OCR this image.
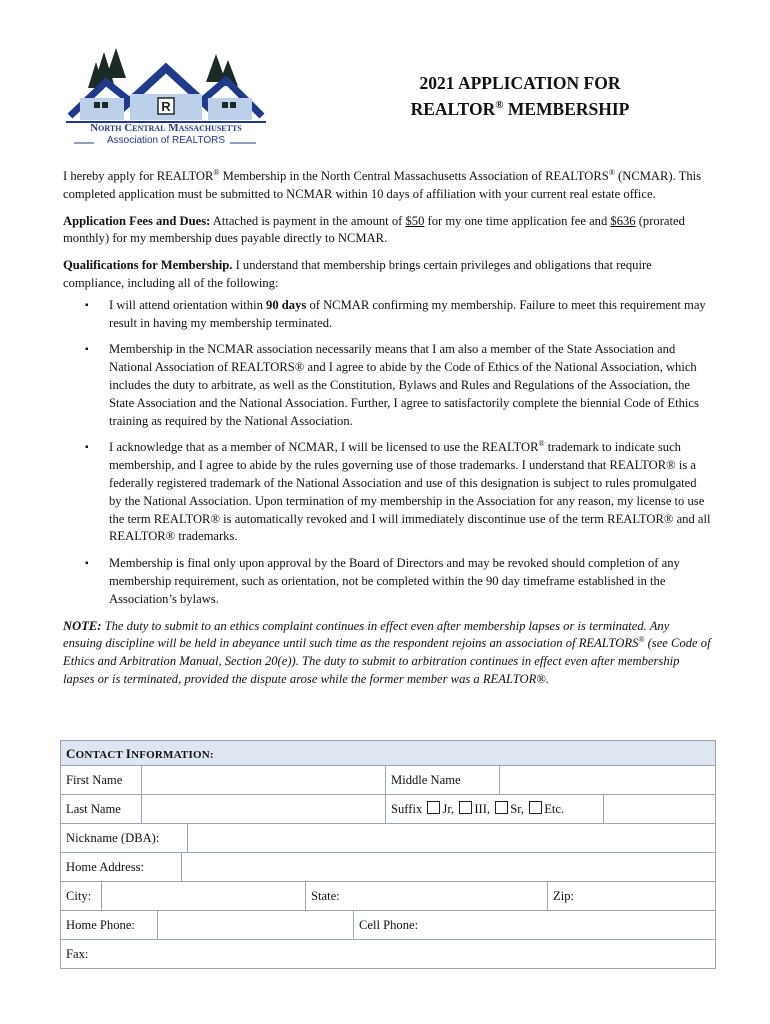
R
North Central Massachusetts
Association of REALTORS
2021 APPLICATION FOR
REALTOR® MEMBERSHIP

I hereby apply for REALTOR® Membership in the North Central Massachusetts Association of REALTORS® (NCMAR). This completed application must be submitted to NCMAR within 10 days of affiliation with your current real estate office.

Application Fees and Dues: Attached is payment in the amount of $50 for my one time application fee and $636 (prorated monthly) for my membership dues payable directly to NCMAR.

Qualifications for Membership. I understand that membership brings certain privileges and obligations that require compliance, including all of the following:

▪ I will attend orientation within 90 days of NCMAR confirming my membership. Failure to meet this requirement may result in having my membership terminated.
▪ Membership in the NCMAR association necessarily means that I am also a member of the State Association and National Association of REALTORS® and I agree to abide by the Code of Ethics of the National Association, which includes the duty to arbitrate, as well as the Constitution, Bylaws and Rules and Regulations of the Association, the State Association and the National Association. Further, I agree to satisfactorily complete the biennial Code of Ethics training as required by the National Association.
▪ I acknowledge that as a member of NCMAR, I will be licensed to use the REALTOR® trademark to indicate such membership, and I agree to abide by the rules governing use of those trademarks. I understand that REALTOR® is a federally registered trademark of the National Association and use of this designation is subject to rules promulgated by the National Association. Upon termination of my membership in the Association for any reason, my license to use the term REALTOR® is automatically revoked and I will immediately discontinue use of the term REALTOR® and all REALTOR® trademarks.
▪ Membership is final only upon approval by the Board of Directors and may be revoked should completion of any membership requirement, such as orientation, not be completed within the 90 day timeframe established in the Association’s bylaws.

NOTE: The duty to submit to an ethics complaint continues in effect even after membership lapses or is terminated. Any ensuing discipline will be held in abeyance until such time as the respondent rejoins an association of REALTORS® (see Code of Ethics and Arbitration Manual, Section 20(e)). The duty to submit to arbitration continues in effect even after membership lapses or is terminated, provided the dispute arose while the former member was a REALTOR®.

CONTACT INFORMATION:
First Name	Middle Name
Last Name	Suffix Jr, III, Sr, Etc.
Nickname (DBA):
Home Address:
City:	State:	Zip:
Home Phone:	Cell Phone:
Fax:
